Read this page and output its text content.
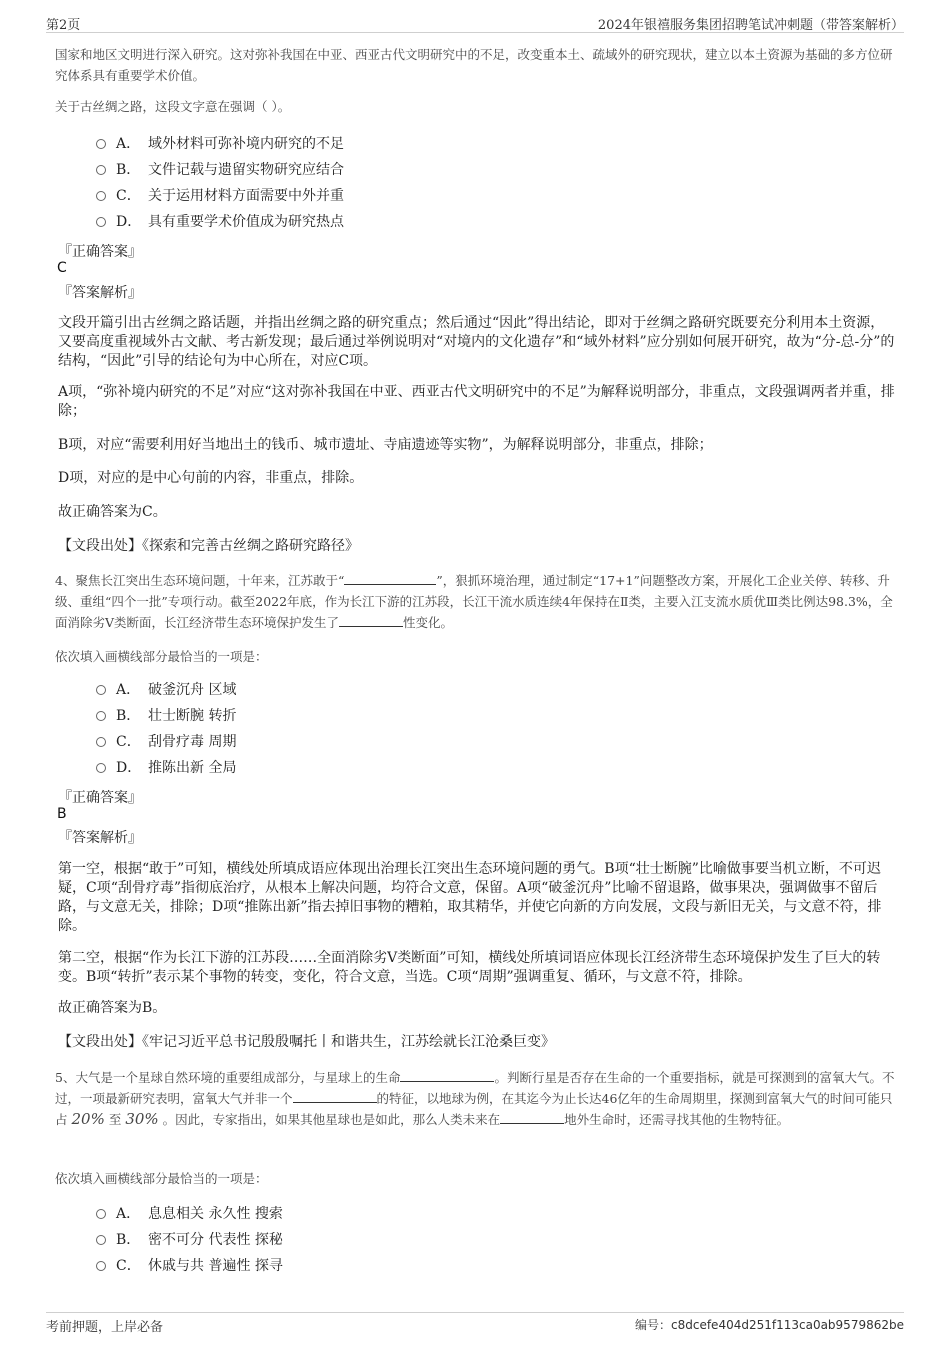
第2页	2024年银禧服务集团招聘笔试冲刺题（带答案解析）

国家和地区文明进行深入研究。这对弥补我国在中亚、西亚古代文明研究中的不足，改变重本土、疏域外的研究现状，建立以本土资源为基础的多方位研究体系具有重要学术价值。

关于古丝绸之路，这段文字意在强调（ ）。

A． 域外材料可弥补境内研究的不足
B． 文件记载与遗留实物研究应结合
C． 关于运用材料方面需要中外并重
D． 具有重要学术价值成为研究热点
『正确答案』
C
『答案解析』

文段开篇引出古丝绸之路话题，并指出丝绸之路的研究重点；然后通过“因此”得出结论，即对于丝绸之路研究既要充分利用本土资源，又要高度重视域外古文献、考古新发现；最后通过举例说明对“对境内的文化遗存”和“域外材料”应分别如何展开研究，故为“分-总-分”的结构，“因此”引导的结论句为中心所在，对应C项。

A项，“弥补境内研究的不足”对应“这对弥补我国在中亚、西亚古代文明研究中的不足”为解释说明部分，非重点，文段强调两者并重，排除；

B项，对应“需要利用好当地出土的钱币、城市遗址、寺庙遗迹等实物”，为解释说明部分，非重点，排除；

D项，对应的是中心句前的内容，非重点，排除。

故正确答案为C。

【文段出处】《探索和完善古丝绸之路研究路径》

4、聚焦长江突出生态环境问题，十年来，江苏敢于“	”，狠抓环境治理，通过制定“17+1”问题整改方案，开展化工企业关停、转移、升级、重组“四个一批”专项行动。截至2022年底，作为长江下游的江苏段，长江干流水质连续4年保持在Ⅱ类，主要入江支流水质优Ⅲ类比例达98.3%，全面消除劣Ⅴ类断面，长江经济带生态环境保护发生了	性变化。

依次填入画横线部分最恰当的一项是：

A． 破釜沉舟 区域
B． 壮士断腕 转折
C． 刮骨疗毒 周期
D． 推陈出新 全局
『正确答案』
B
『答案解析』

第一空，根据“敢于”可知，横线处所填成语应体现出治理长江突出生态环境问题的勇气。B项“壮士断腕”比喻做事要当机立断，不可迟疑，C项“刮骨疗毒”指彻底治疗，从根本上解决问题，均符合文意，保留。A项“破釜沉舟”比喻不留退路，做事果决，强调做事不留后路，与文意无关，排除；D项“推陈出新”指去掉旧事物的糟粕，取其精华，并使它向新的方向发展，文段与新旧无关，与文意不符，排除。

第二空，根据“作为长江下游的江苏段……全面消除劣Ⅴ类断面”可知，横线处所填词语应体现长江经济带生态环境保护发生了巨大的转变。B项“转折”表示某个事物的转变，变化，符合文意，当选。C项“周期”强调重复、循环，与文意不符，排除。

故正确答案为B。

【文段出处】《牢记习近平总书记殷殷嘱托丨和谐共生，江苏绘就长江沧桑巨变》

5、大气是一个星球自然环境的重要组成部分，与星球上的生命	。判断行星是否存在生命的一个重要指标，就是可探测到的富氧大气。不过，一项最新研究表明，富氧大气并非一个	的特征，以地球为例，在其迄今为止长达46亿年的生命周期里，探测到富氧大气的时间可能只占 20% 至 30% 。因此，专家指出，如果其他星球也是如此，那么人类未来在	地外生命时，还需寻找其他的生物特征。

依次填入画横线部分最恰当的一项是：

A． 息息相关 永久性 搜索
B． 密不可分 代表性 探秘
C． 休戚与共 普遍性 探寻
考前押题，上岸必备	编号：c8dcefe404d251f113ca0ab9579862be
